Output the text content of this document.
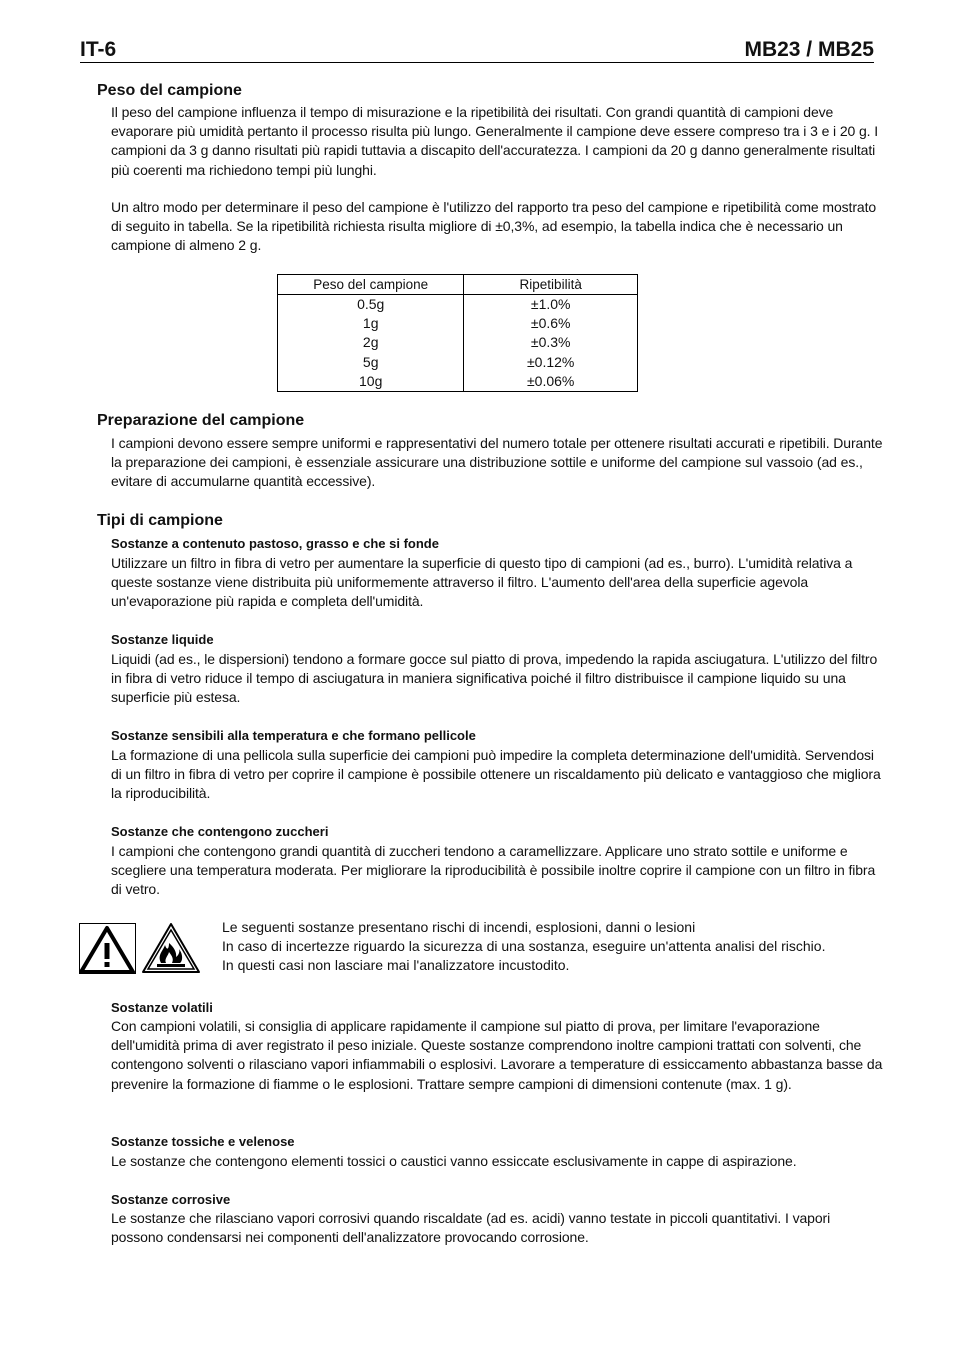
IT-6	MB23 / MB25
Peso del campione

Il peso del campione influenza il tempo di misurazione e la ripetibilità dei risultati. Con grandi quantità di campioni deve evaporare più umidità pertanto il processo risulta più lungo. Generalmente il campione deve essere compreso tra i 3 e i 20 g. I campioni da 3 g danno risultati più rapidi tuttavia a discapito dell'accuratezza. I campioni da 20 g danno generalmente risultati più coerenti ma richiedono tempi più lunghi.

Un altro modo per determinare il peso del campione è l'utilizzo del rapporto tra peso del campione e ripetibilità come mostrato di seguito in tabella. Se la ripetibilità richiesta risulta migliore di ±0,3%, ad esempio, la tabella indica che è necessario un campione di almeno 2 g.

Peso del campione	Ripetibilità
0.5g	±1.0%
1g	±0.6%
2g	±0.3%
5g	±0.12%
10g	±0.06%
Preparazione del campione

I campioni devono essere sempre uniformi e rappresentativi del numero totale per ottenere risultati accurati e ripetibili. Durante la preparazione dei campioni, è essenziale assicurare una distribuzione sottile e uniforme del campione sul vassoio (ad es., evitare di accumularne quantità eccessive).

Tipi di campione
Sostanze a contenuto pastoso, grasso e che si fonde

Utilizzare un filtro in fibra di vetro per aumentare la superficie di questo tipo di campioni (ad es., burro). L'umidità relativa a queste sostanze viene distribuita più uniformemente attraverso il filtro. L'aumento dell'area della superficie agevola un'evaporazione più rapida e completa dell'umidità.

Sostanze liquide

Liquidi (ad es., le dispersioni) tendono a formare gocce sul piatto di prova, impedendo la rapida asciugatura. L'utilizzo del filtro in fibra di vetro riduce il tempo di asciugatura in maniera significativa poiché il filtro distribuisce il campione liquido su una superficie più estesa.

Sostanze sensibili alla temperatura e che formano pellicole

La formazione di una pellicola sulla superficie dei campioni può impedire la completa determinazione dell'umidità. Servendosi di un filtro in fibra di vetro per coprire il campione è possibile ottenere un riscaldamento più delicato e vantaggioso che migliora la riproducibilità.

Sostanze che contengono zuccheri

I campioni che contengono grandi quantità di zuccheri tendono a caramellizzare. Applicare uno strato sottile e uniforme e scegliere una temperatura moderata. Per migliorare la riproducibilità è possibile inoltre coprire il campione con un filtro in fibra di vetro.

Le seguenti sostanze presentano rischi di incendi, esplosioni, danni o lesioni
In caso di incertezze riguardo la sicurezza di una sostanza, eseguire un'attenta analisi del rischio.
In questi casi non lasciare mai l'analizzatore incustodito.
Sostanze volatili

Con campioni volatili, si consiglia di applicare rapidamente il campione sul piatto di prova, per limitare l'evaporazione dell'umidità prima di aver registrato il peso iniziale. Queste sostanze comprendono inoltre campioni trattati con solventi, che contengono solventi o rilasciano vapori infiammabili o esplosivi. Lavorare a temperature di essiccamento abbastanza basse da prevenire la formazione di fiamme o le esplosioni. Trattare sempre campioni di dimensioni contenute (max. 1 g).

Sostanze tossiche e velenose

Le sostanze che contengono elementi tossici o caustici vanno essiccate esclusivamente in cappe di aspirazione.

Sostanze corrosive

Le sostanze che rilasciano vapori corrosivi quando riscaldate (ad es. acidi) vanno testate in piccoli quantitativi. I vapori possono condensarsi nei componenti dell'analizzatore provocando corrosione.
